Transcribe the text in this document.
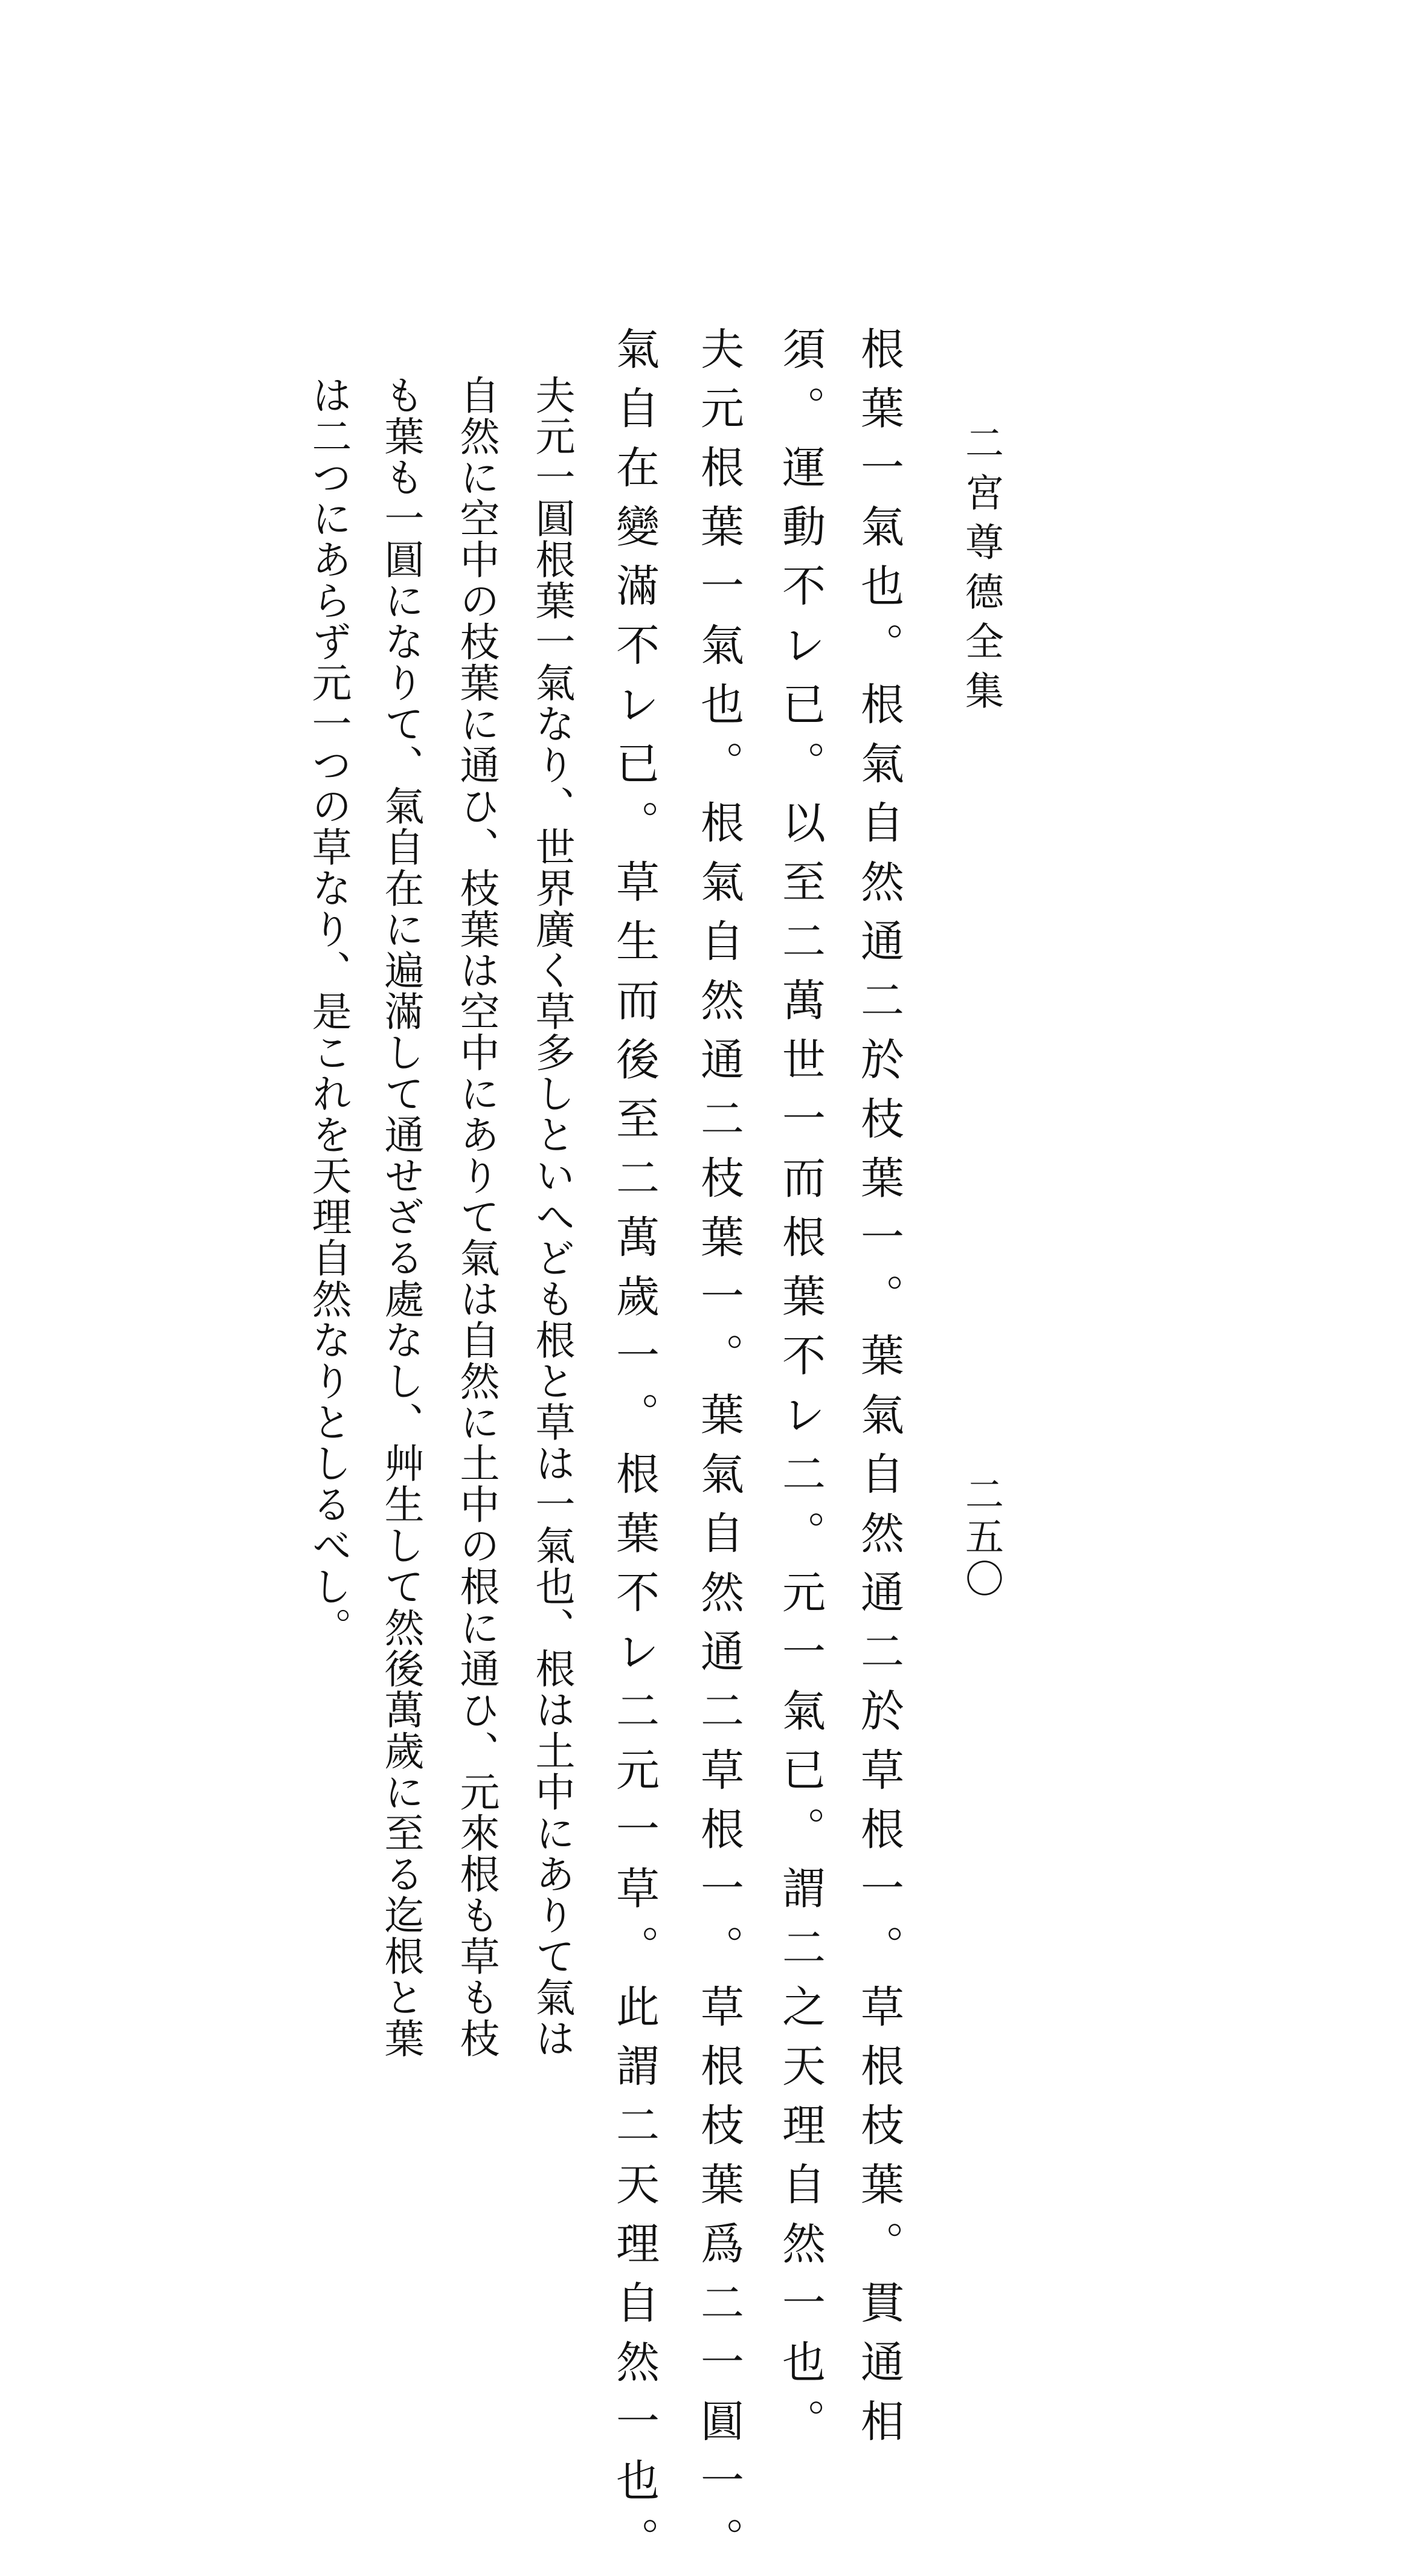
二宮尊德全集
二五〇
根葉一氣也。根氣自然通二於枝葉一。葉氣自然通二於草根一。草根枝葉。貫通相
須。運動不レ已。以至二萬世一而根葉不レ二。元一氣已。謂二之天理自然一也。
夫元根葉一氣也。根氣自然通二枝葉一。葉氣自然通二草根一。草根枝葉爲二一圓一。
氣自在變滿不レ已。草生而後至二萬歲一。根葉不レ二元一草。此謂二天理自然一也。
夫元一圓根葉一氣なり、世界廣く草多しといへども根と草は一氣也、根は土中にありて氣は
自然に空中の枝葉に通ひ、枝葉は空中にありて氣は自然に土中の根に通ひ、元來根も草も枝
も葉も一圓になりて、氣自在に遍滿して通せざる處なし、艸生して然後萬歲に至る迄根と葉
は二つにあらず元一つの草なり、是これを天理自然なりとしるべし。
